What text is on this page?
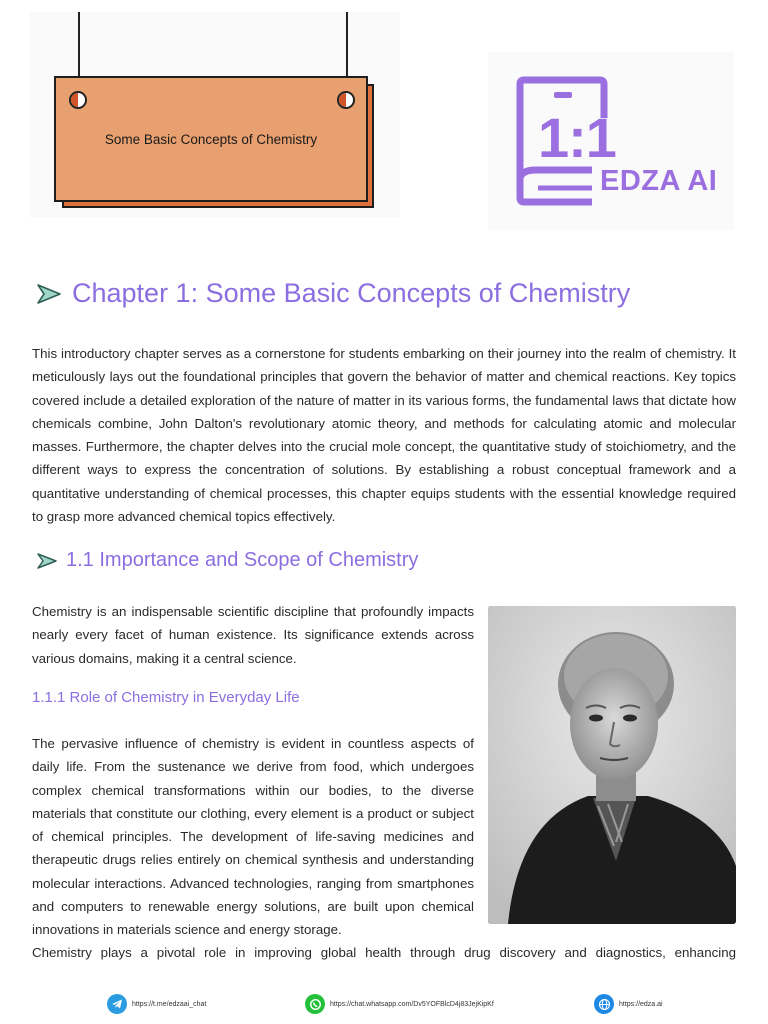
Some Basic Concepts of Chemistry	1:1
EDZA AI
Chapter 1: Some Basic Concepts of Chemistry

This introductory chapter serves as a cornerstone for students embarking on their journey into the realm of chemistry. It meticulously lays out the foundational principles that govern the behavior of matter and chemical reactions. Key topics covered include a detailed exploration of the nature of matter in its various forms, the fundamental laws that dictate how chemicals combine, John Dalton's revolutionary atomic theory, and methods for calculating atomic and molecular masses. Furthermore, the chapter delves into the crucial mole concept, the quantitative study of stoichiometry, and the different ways to express the concentration of solutions. By establishing a robust conceptual framework and a quantitative understanding of chemical processes, this chapter equips students with the essential knowledge required to grasp more advanced chemical topics effectively.

1.1 Importance and Scope of Chemistry

Chemistry is an indispensable scientific discipline that profoundly impacts nearly every facet of human existence. Its significance extends across various domains, making it a central science.

1.1.1 Role of Chemistry in Everyday Life

The pervasive influence of chemistry is evident in countless aspects of daily life. From the sustenance we derive from food, which undergoes complex chemical transformations within our bodies, to the diverse materials that constitute our clothing, every element is a product or subject of chemical principles. The development of life-saving medicines and therapeutic drugs relies entirely on chemical synthesis and understanding molecular interactions. Advanced technologies, ranging from smartphones and computers to renewable energy solutions, are built upon chemical innovations in materials science and energy storage.

Chemistry plays a pivotal role in improving global health through drug discovery and diagnostics, enhancing

https://t.me/edzaai_chat	https://chat.whatsapp.com/Dv5YOFBlcD4j83JejKipKf	https://edza.ai
